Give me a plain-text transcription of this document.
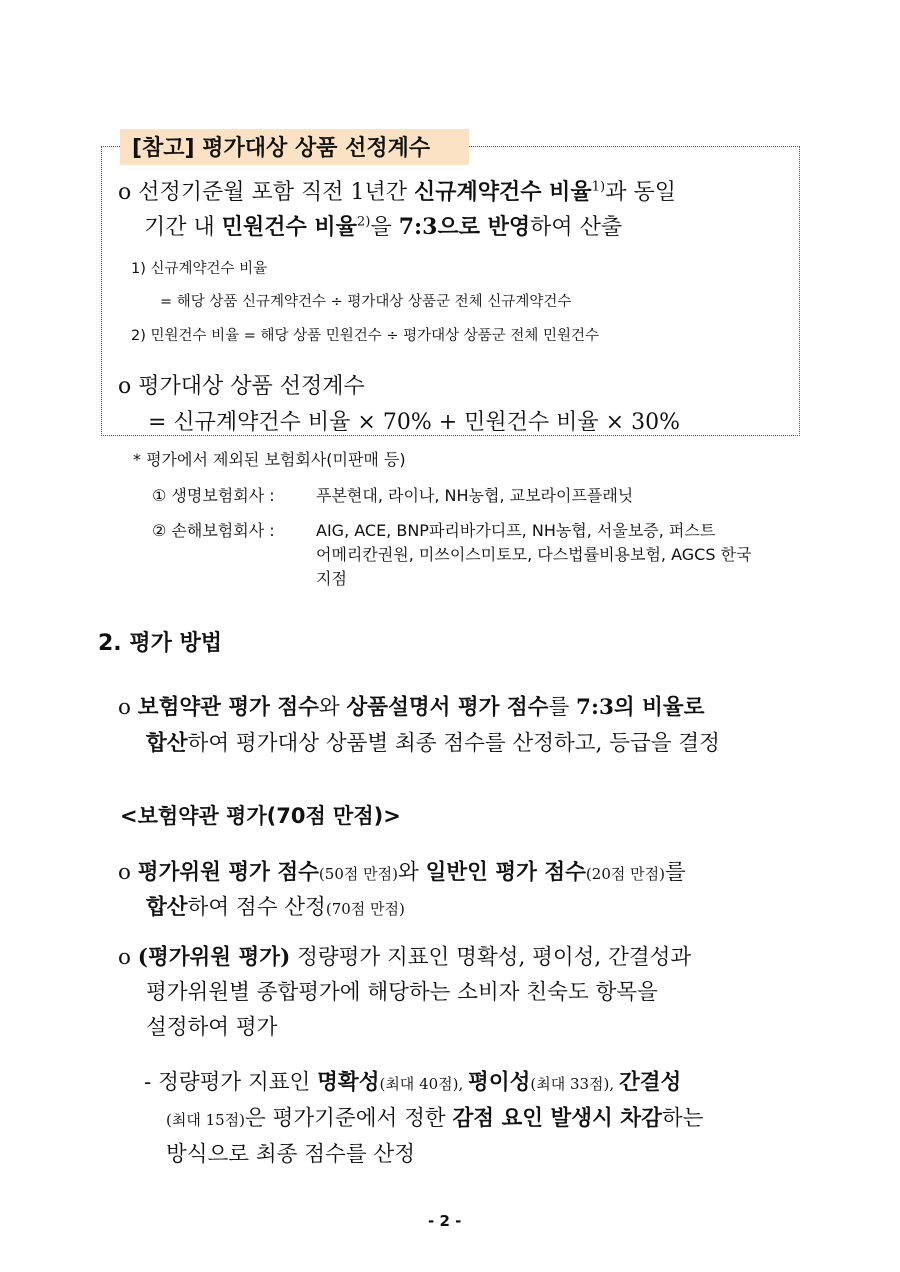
[참고] 평가대상 상품 선정계수
o 선정기준월 포함 직전 1년간 신규계약건수 비율$^{1)}$과 동일
기간 내 민원건수 비율$^{2)}$을 7:3으로 반영하여 산출
1) 신규계약건수 비율
= 해당 상품 신규계약건수 ÷ 평가대상 상품군 전체 신규계약건수
2) 민원건수 비율 = 해당 상품 민원건수 ÷ 평가대상 상품군 전체 민원건수
o 평가대상 상품 선정계수
= 신규계약건수 비율 × 70% + 민원건수 비율 × 30%
* 평가에서 제외된 보험회사(미판매 등)
① 생명보험회사 :	푸본현대, 라이나, NH농협, 교보라이프플래닛
② 손해보험회사 :	AIG, ACE, BNP파리바가디프, NH농협, 서울보증, 퍼스트
어메리칸권원, 미쓰이스미토모, 다스법률비용보험, AGCS 한국
지점
2. 평가 방법
o 보험약관 평가 점수와 상품설명서 평가 점수를 7:3의 비율로
합산하여 평가대상 상품별 최종 점수를 산정하고, 등급을 결정
<보험약관 평가(70점 만점)>
o 평가위원 평가 점수(50점 만점)와 일반인 평가 점수(20점 만점)를
합산하여 점수 산정(70점 만점)
o (평가위원 평가) 정량평가 지표인 명확성, 평이성, 간결성과
평가위원별 종합평가에 해당하는 소비자 친숙도 항목을
설정하여 평가
- 정량평가 지표인 명확성(최대 40점), 평이성(최대 33점), 간결성
(최대 15점)은 평가기준에서 정한 감점 요인 발생시 차감하는
방식으로 최종 점수를 산정
- 2 -
